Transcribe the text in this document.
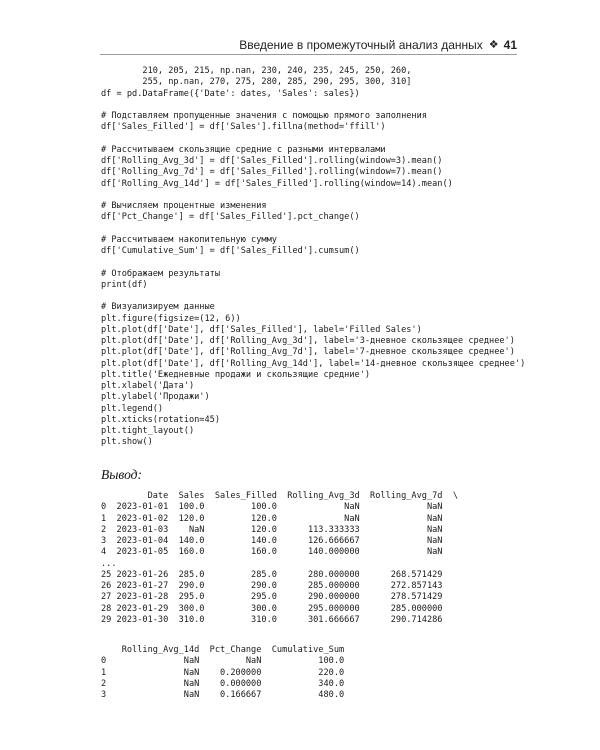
Введение в промежуточный анализ данных ❖ 41
210, 205, 215, np.nan, 230, 240, 235, 245, 250, 260,
255, np.nan, 270, 275, 280, 285, 290, 295, 300, 310]
df = pd.DataFrame({'Date': dates, 'Sales': sales})

# Подставляем пропущенные значения с помощью прямого заполнения
df['Sales_Filled'] = df['Sales'].fillna(method='ffill')

# Рассчитываем скользящие средние с разными интервалами
df['Rolling_Avg_3d'] = df['Sales_Filled'].rolling(window=3).mean()
df['Rolling_Avg_7d'] = df['Sales_Filled'].rolling(window=7).mean()
df['Rolling_Avg_14d'] = df['Sales_Filled'].rolling(window=14).mean()

# Вычисляем процентные изменения
df['Pct_Change'] = df['Sales_Filled'].pct_change()

# Рассчитываем накопительную сумму
df['Cumulative_Sum'] = df['Sales_Filled'].cumsum()

# Отображаем результаты
print(df)

# Визуализируем данные
plt.figure(figsize=(12, 6))
plt.plot(df['Date'], df['Sales_Filled'], label='Filled Sales')
plt.plot(df['Date'], df['Rolling_Avg_3d'], label='3-дневное скользящее среднее')
plt.plot(df['Date'], df['Rolling_Avg_7d'], label='7-дневное скользящее среднее')
plt.plot(df['Date'], df['Rolling_Avg_14d'], label='14-дневное скользящее среднее')
plt.title('Ежедневные продажи и скользящие средние')
plt.xlabel('Дата')
plt.ylabel('Продажи')
plt.legend()
plt.xticks(rotation=45)
plt.tight_layout()
plt.show()
Вывод:
Date  Sales  Sales_Filled  Rolling_Avg_3d  Rolling_Avg_7d  \
0  2023-01-01  100.0         100.0             NaN             NaN
1  2023-01-02  120.0         120.0             NaN             NaN
2  2023-01-03    NaN         120.0      113.333333             NaN
3  2023-01-04  140.0         140.0      126.666667             NaN
4  2023-01-05  160.0         160.0      140.000000             NaN
...
25 2023-01-26  285.0         285.0      280.000000      268.571429
26 2023-01-27  290.0         290.0      285.000000      272.857143
27 2023-01-28  295.0         295.0      290.000000      278.571429
28 2023-01-29  300.0         300.0      295.000000      285.000000
29 2023-01-30  310.0         310.0      301.666667      290.714286
Rolling_Avg_14d  Pct_Change  Cumulative_Sum
0               NaN         NaN           100.0
1               NaN    0.200000           220.0
2               NaN    0.000000           340.0
3               NaN    0.166667           480.0
